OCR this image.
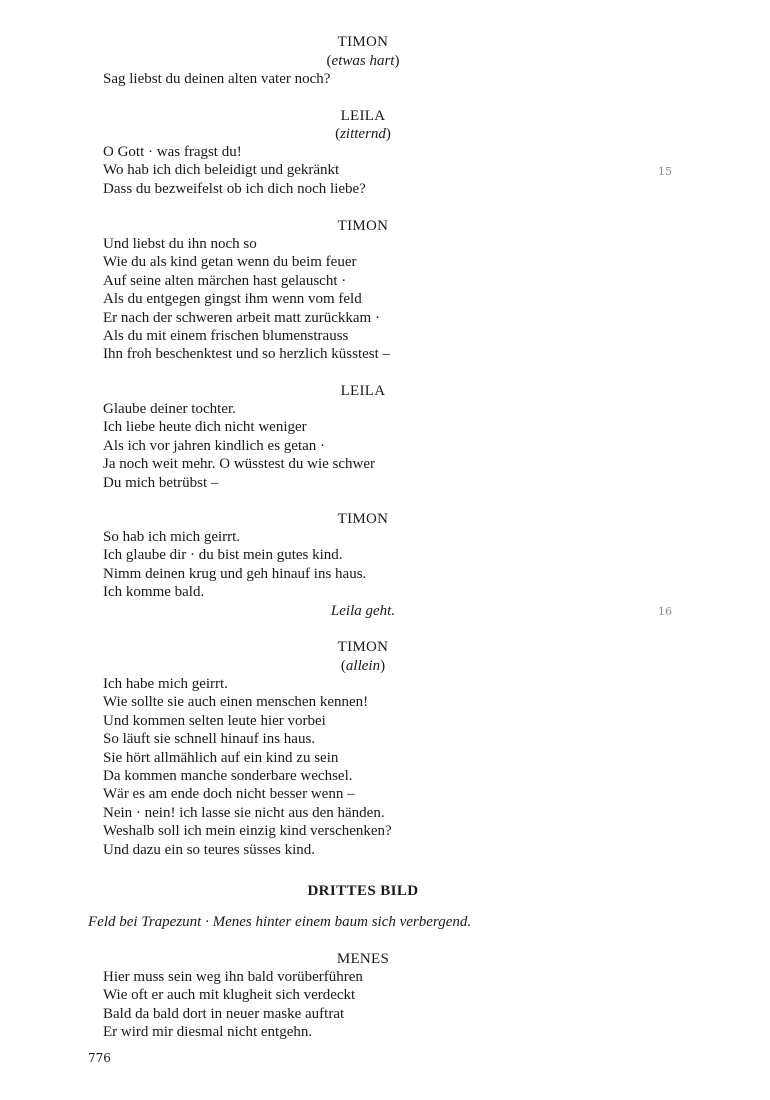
TIMON
(etwas hart)
Sag liebst du deinen alten vater noch?
LEILA
(zitternd)
O Gott · was fragst du!
Wo hab ich dich beleidigt und gekränkt
Dass du bezweifelst ob ich dich noch liebe?
15
TIMON
Und liebst du ihn noch so
Wie du als kind getan wenn du beim feuer
Auf seine alten märchen hast gelauscht ·
Als du entgegen gingst ihm wenn vom feld
Er nach der schweren arbeit matt zurückkam ·
Als du mit einem frischen blumenstrauss
Ihn froh beschenktest und so herzlich küsstest –
LEILA
Glaube deiner tochter.
Ich liebe heute dich nicht weniger
Als ich vor jahren kindlich es getan ·
Ja noch weit mehr. O wüsstest du wie schwer
Du mich betrübst –
TIMON
So hab ich mich geirrt.
Ich glaube dir · du bist mein gutes kind.
Nimm deinen krug und geh hinauf ins haus.
Ich komme bald.
Leila geht.	16
TIMON
(allein)
Ich habe mich geirrt.
Wie sollte sie auch einen menschen kennen!
Und kommen selten leute hier vorbei
So läuft sie schnell hinauf ins haus.
Sie hört allmählich auf ein kind zu sein
Da kommen manche sonderbare wechsel.
Wär es am ende doch nicht besser wenn –
Nein · nein! ich lasse sie nicht aus den händen.
Weshalb soll ich mein einzig kind verschenken?
Und dazu ein so teures süsses kind.
DRITTES BILD
Feld bei Trapezunt · Menes hinter einem baum sich verbergend.
MENES
Hier muss sein weg ihn bald vorüberführen
Wie oft er auch mit klugheit sich verdeckt
Bald da bald dort in neuer maske auftrat
Er wird mir diesmal nicht entgehn.
776
